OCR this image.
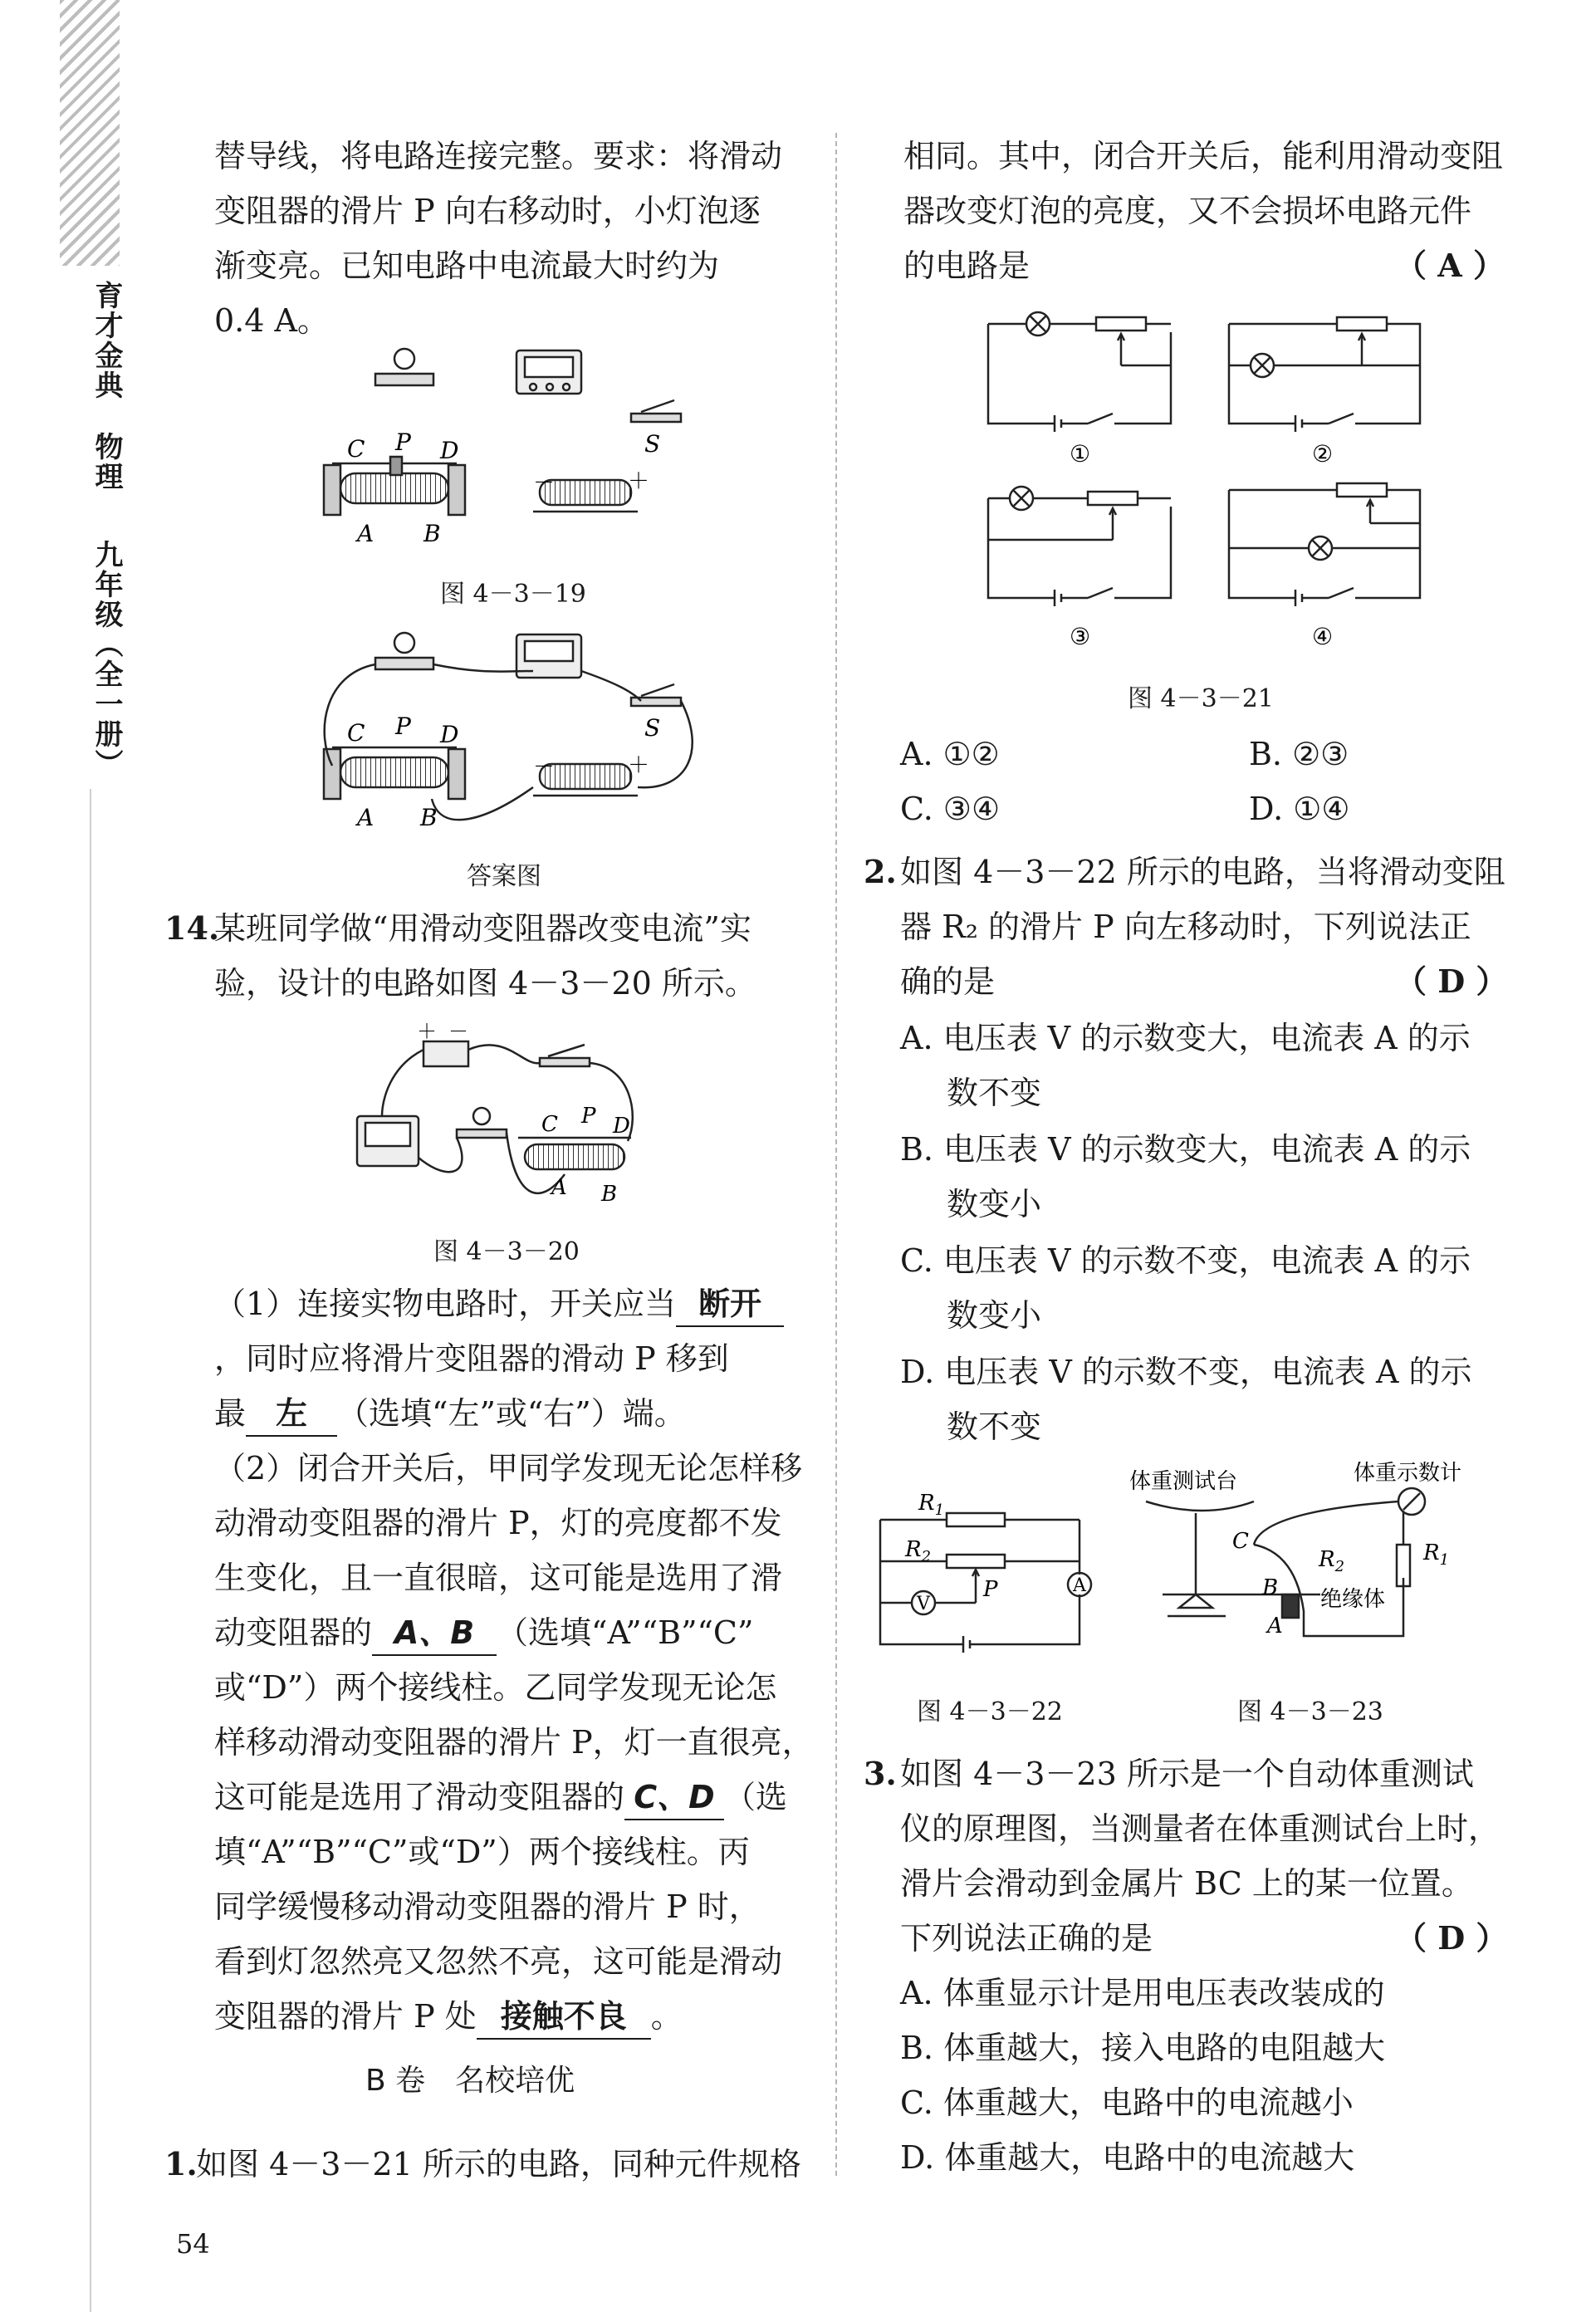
育才金典
物理
九年级（全一册）
替导线，将电路连接完整。要求：将滑动
变阻器的滑片 P 向右移动时，小灯泡逐
渐变亮。已知电路中电流最大时约为
0.4 A。
C P D
A B
S
－	＋
图 4－3－19
C P D
A B
S
－	＋
答案图
14.
某班同学做“用滑动变阻器改变电流”实
验，设计的电路如图 4－3－20 所示。
＋ －
C P D
A B
图 4－3－20
（1）连接实物电路时，开关应当 断开
，同时应将滑片变阻器的滑动 P 移到
最 左 （选填“左”或“右”）端。
（2）闭合开关后，甲同学发现无论怎样移
动滑动变阻器的滑片 P，灯的亮度都不发
生变化，且一直很暗，这可能是选用了滑
动变阻器的 A、B （选填“A”“B”“C”
或“D”）两个接线柱。乙同学发现无论怎
样移动滑动变阻器的滑片 P，灯一直很亮，
这可能是选用了滑动变阻器的 C、D （选
填“A”“B”“C”或“D”）两个接线柱。丙
同学缓慢移动滑动变阻器的滑片 P 时，
看到灯忽然亮又忽然不亮，这可能是滑动
变阻器的滑片 P 处 接触不良 。
B 卷　名校培优
1.
如图 4－3－21 所示的电路，同种元件规格
相同。其中，闭合开关后，能利用滑动变阻
器改变灯泡的亮度，又不会损坏电路元件
的电路是	（ A ）
①	②
③	④
图 4－3－21
A. ①②	B. ②③
C. ③④	D. ①④
2. 如图 4－3－22 所示的电路，当将滑动变阻
器 R₂ 的滑片 P 向左移动时，下列说法正
确的是	（ D ）
A. 电压表 V 的示数变大，电流表 A 的示
数不变
B. 电压表 V 的示数变大，电流表 A 的示
数变小
C. 电压表 V 的示数不变，电流表 A 的示
数变小
D. 电压表 V 的示数不变，电流表 A 的示
数不变
$R_1$
$R_2$
P	A
V
图 4－3－22
体重测试台	体重示数计
绝缘体
C
B
A
$R_2$
$R_1$
图 4－3－23
3. 如图 4－3－23 所示是一个自动体重测试
仪的原理图，当测量者在体重测试台上时，
滑片会滑动到金属片 BC 上的某一位置。
下列说法正确的是	（ D ）
A. 体重显示计是用电压表改装成的
B. 体重越大，接入电路的电阻越大
C. 体重越大，电路中的电流越小
D. 体重越大，电路中的电流越大
54
